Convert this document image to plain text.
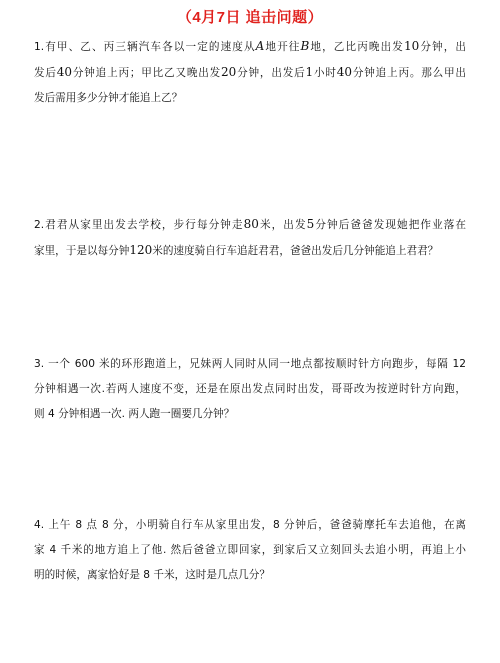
（4月7日 追击问题）
1.有甲、乙、丙三辆汽车各以一定的速度从A地开往B地，乙比丙晚出发10分钟，出
发后40分钟追上丙；甲比乙又晚出发20分钟，出发后1小时40分钟追上丙。那么甲出
发后需用多少分钟才能追上乙？
2.君君从家里出发去学校，步行每分钟走80米，出发5分钟后爸爸发现她把作业落在
家里，于是以每分钟120米的速度骑自行车追赶君君，爸爸出发后几分钟能追上君君？
3. 一个 600 米的环形跑道上，兄妹两人同时从同一地点都按顺时针方向跑步，每隔 12
分钟相遇一次.若两人速度不变，还是在原出发点同时出发，哥哥改为按逆时针方向跑，
则 4 分钟相遇一次. 两人跑一圈要几分钟？
4. 上午 8 点 8 分，小明骑自行车从家里出发，8 分钟后，爸爸骑摩托车去追他，在离
家 4 千米的地方追上了他. 然后爸爸立即回家，到家后又立刻回头去追小明，再追上小
明的时候，离家恰好是 8 千米，这时是几点几分？
